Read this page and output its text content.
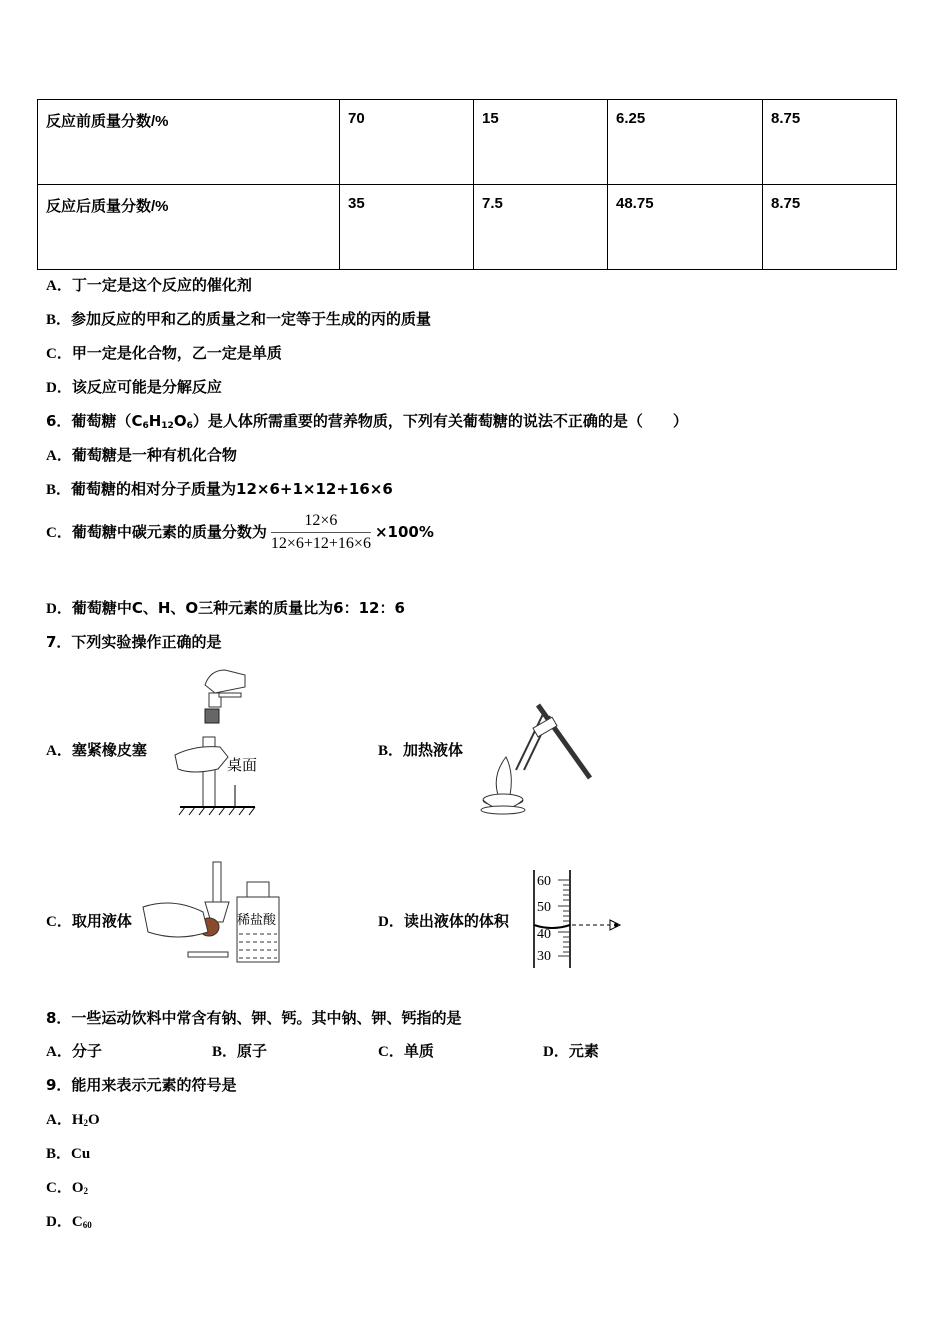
反应前质量分数/%	70	15	6.25	8.75
反应后质量分数/%	35	7.5	48.75	8.75
A．丁一定是这个反应的催化剂
B．参加反应的甲和乙的质量之和一定等于生成的丙的质量
C．甲一定是化合物，乙一定是单质
D．该反应可能是分解反应
6．葡萄糖$(C_6H_{12}O_6)$是人体所需重要的营养物质，下列有关葡萄糖的说法不正确的是（　　）
A．葡萄糖是一种有机化合物
B．葡萄糖的相对分子质量为12×6+1×12+16×6
C．葡萄糖中碳元素的质量分数为 $\frac{12\times 6}{12\times 6+12+16\times 6} \times 100\%$
D．葡萄糖中C、H、O三种元素的质量比为6：12：6
7．下列实验操作正确的是
A．塞紧橡皮塞
桌面
B．加热液体
C．取用液体	稀盐酸	D．读出液体的体积
60
50
40
30
8．一些运动饮料中常含有钠、钾、钙。其中钠、钾、钙指的是
A．分子	B．原子	C．单质	D．元素
9．能用来表示元素的符号是
A．$H_2O$
B．Cu
C．$O_2$
D．$C_{60}$
